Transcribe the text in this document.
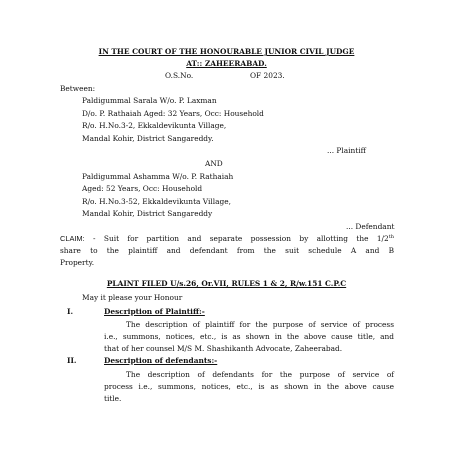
IN THE COURT OF THE HONOURABLE JUNIOR CIVIL JUDGE
AT:: ZAHEERABAD.
O.S.No.	OF 2023.
Between:
Paldigummal Sarala W/o. P. Laxman
D/o. P. Rathaiah Aged: 32 Years, Occ: Household
R/o. H.No.3-2, Ekkaldevikunta Village,
Mandal Kohir, District Sangareddy.
... Plaintiff
AND
Paldigummal Ashamma W/o. P. Rathaiah
Aged: 52 Years, Occ: Household
R/o. H.No.3-52, Ekkaldevikunta Village,
Mandal Kohir, District Sangareddy
... Defendant
CLAIM: - Suit for partition and separate possession by allotting the 1/2th
share to the plaintiff and defendant from the suit schedule A and B
Property.
PLAINT FILED U/s.26, Or.VII, RULES 1 & 2, R/w.151 C.P.C
May it please your Honour
I.	Description of Plaintiff:-
The description of plaintiff for the purpose of service of process
i.e., summons, notices, etc., is as shown in the above cause title, and
that of her counsel M/S M. Shashikanth Advocate, Zaheerabad.
II.	Description of defendants:-
The description of defendants for the purpose of service of
process i.e., summons, notices, etc., is as shown in the above cause
title.
